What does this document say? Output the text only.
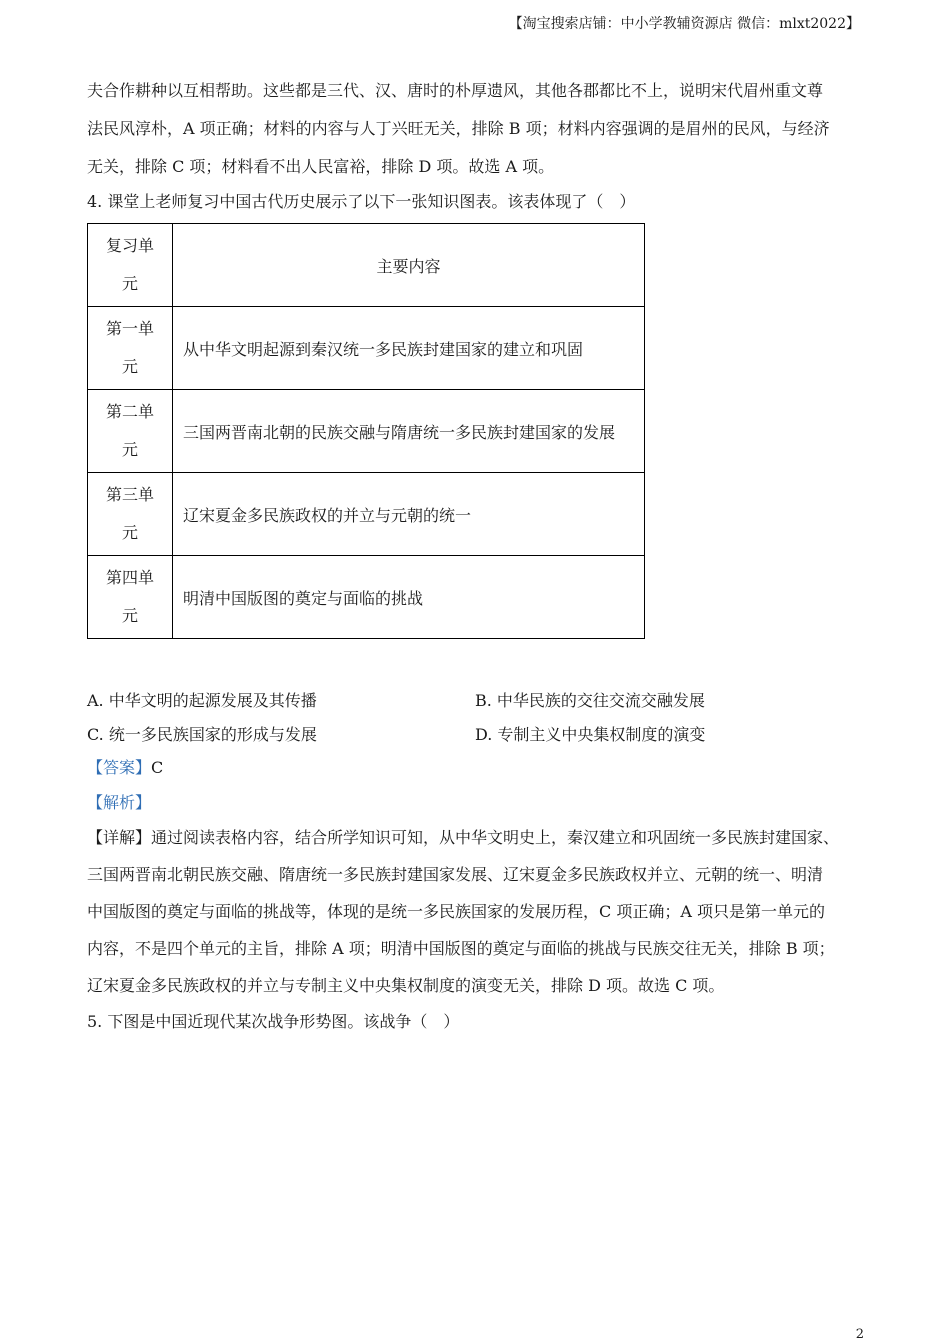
【淘宝搜索店铺：中小学教辅资源店 微信：mlxt2022】
夫合作耕种以互相帮助。这些都是三代、汉、唐时的朴厚遗风，其他各郡都比不上，说明宋代眉州重文尊
法民风淳朴，A 项正确；材料的内容与人丁兴旺无关，排除 B 项；材料内容强调的是眉州的民风，与经济
无关，排除 C 项；材料看不出人民富裕，排除 D 项。故选 A 项。
4. 课堂上老师复习中国古代历史展示了以下一张知识图表。该表体现了（　）
复习单元	主要内容

第一单元	从中华文明起源到秦汉统一多民族封建国家的建立和巩固

第二单元	三国两晋南北朝的民族交融与隋唐统一多民族封建国家的发展

第三单元	辽宋夏金多民族政权的并立与元朝的统一

第四单元	明清中国版图的奠定与面临的挑战
A. 中华文明的起源发展及其传播	B. 中华民族的交往交流交融发展
C. 统一多民族国家的形成与发展	D. 专制主义中央集权制度的演变
【答案】C
【解析】
【详解】通过阅读表格内容，结合所学知识可知，从中华文明史上，秦汉建立和巩固统一多民族封建国家、
三国两晋南北朝民族交融、隋唐统一多民族封建国家发展、辽宋夏金多民族政权并立、元朝的统一、明清
中国版图的奠定与面临的挑战等，体现的是统一多民族国家的发展历程，C 项正确；A 项只是第一单元的
内容，不是四个单元的主旨，排除 A 项；明清中国版图的奠定与面临的挑战与民族交往无关，排除 B 项；
辽宋夏金多民族政权的并立与专制主义中央集权制度的演变无关，排除 D 项。故选 C 项。
5. 下图是中国近现代某次战争形势图。该战争（　）
2
